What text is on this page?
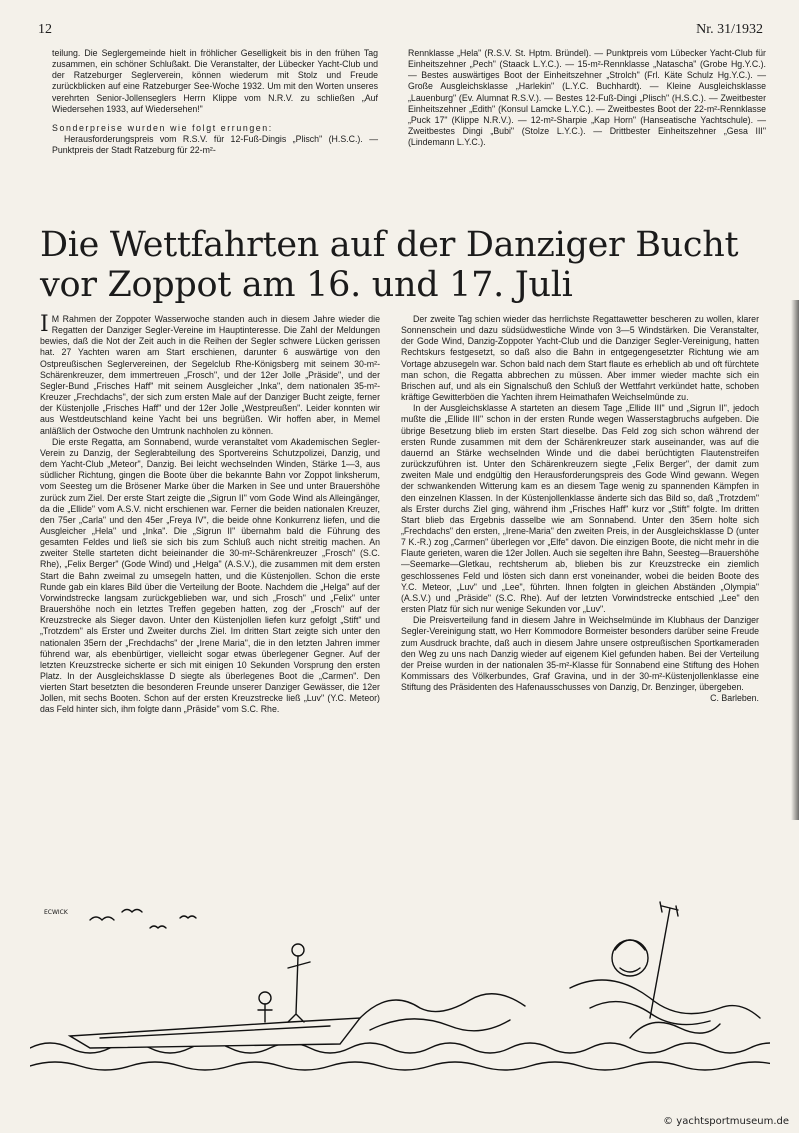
12	Nr. 31/1932

teilung. Die Seglergemeinde hielt in fröhlicher Geselligkeit bis in den frühen Tag zusammen, ein schöner Schlußakt. Die Veranstalter, der Lübecker Yacht-Club und der Ratzeburger Seglerverein, können wiederum mit Stolz und Freude zurückblicken auf eine Ratzeburger See-Woche 1932. Um mit den Worten unseres verehrten Senior-Jollenseglers Herrn Klippe vom N.R.V. zu schließen „Auf Wiedersehen 1933, auf Wiedersehen!"

Sonderpreise wurden wie folgt errungen:

Herausforderungspreis vom R.S.V. für 12-Fuß-Dingis „Plisch" (H.S.C.). — Punktpreis der Stadt Ratzeburg für 22-m²-

Rennklasse „Hela" (R.S.V. St. Hptm. Bründel). — Punktpreis vom Lübecker Yacht-Club für Einheitszehner „Pech" (Staack L.Y.C.). — 15-m²-Rennklasse „Natascha" (Grobe Hg.Y.C.). — Bestes auswärtiges Boot der Einheitszehner „Strolch" (Frl. Käte Schulz Hg.Y.C.). — Große Ausgleichsklasse „Harlekin" (L.Y.C. Buchhardt). — Kleine Ausgleichsklasse „Lauenburg" (Ev. Alumnat R.S.V.). — Bestes 12-Fuß-Dingi „Plisch" (H.S.C.). — Zweitbester Einheitszehner „Edith" (Konsul Lamcke L.Y.C.). — Zweitbestes Boot der 22-m²-Rennklasse „Puck 17" (Klippe N.R.V.). — 12-m²-Sharpie „Kap Horn" (Hanseatische Yachtschule). — Zweitbestes Dingi „Bubi" (Stolze L.Y.C.). — Drittbester Einheitszehner „Gesa III" (Lindemann L.Y.C.).

Die Wettfahrten auf der Danziger Bucht
vor Zoppot am 16. und 17. Juli

I M Rahmen der Zoppoter Wasserwoche standen auch in diesem Jahre wieder die Regatten der Danziger Segler-Vereine im Hauptinteresse. Die Zahl der Meldungen bewies, daß die Not der Zeit auch in die Reihen der Segler schwere Lücken gerissen hat. 27 Yachten waren am Start erschienen, darunter 6 auswärtige von den Ostpreußischen Seglervereinen, der Segelclub Rhe-Königsberg mit seinem 30-m²-Schärenkreuzer, dem immertreuen „Frosch", und der 12er Jolle „Präside", und der Segler-Bund „Frisches Haff" mit seinem Ausgleicher „Inka", dem nationalen 35-m²-Kreuzer „Frechdachs", der sich zum ersten Male auf der Danziger Bucht zeigte, ferner der Küstenjolle „Frisches Haff" und der 12er Jolle „Westpreußen". Leider konnten wir aus Westdeutschland keine Yacht bei uns begrüßen. Wir hoffen aber, in Memel anläßlich der Ostwoche den Umtrunk nachholen zu können.

Die erste Regatta, am Sonnabend, wurde veranstaltet vom Akademischen Segler-Verein zu Danzig, der Seglerabteilung des Sportvereins Schutzpolizei, Danzig, und dem Yacht-Club „Meteor", Danzig. Bei leicht wechselnden Winden, Stärke 1—3, aus südlicher Richtung, gingen die Boote über die bekannte Bahn vor Zoppot linksherum, vom Seesteg um die Brösener Marke über die Marken in See und unter Brauershöhe zurück zum Ziel. Der erste Start zeigte die „Sigrun II" vom Gode Wind als Alleingänger, da die „Ellide" vom A.S.V. nicht erschienen war. Ferner die beiden nationalen Kreuzer, den 75er „Carla" und den 45er „Freya IV", die beide ohne Konkurrenz liefen, und die Ausgleicher „Hela" und „Inka". Die „Sigrun II" übernahm bald die Führung des gesamten Feldes und ließ sie sich bis zum Schluß auch nicht streitig machen. An zweiter Stelle starteten dicht beieinander die 30-m²-Schärenkreuzer „Frosch" (S.C. Rhe), „Felix Berger" (Gode Wind) und „Helga" (A.S.V.), die zusammen mit dem ersten Start die Bahn zweimal zu umsegeln hatten, und die Küstenjollen. Schon die erste Runde gab ein klares Bild über die Verteilung der Boote. Nachdem die „Helga" auf der Vorwindstrecke langsam zurückgeblieben war, und sich „Frosch" und „Felix" unter Brauershöhe noch ein letztes Treffen gegeben hatten, zog der „Frosch" auf der Kreuzstrecke als Sieger davon. Unter den Küstenjollen liefen kurz gefolgt „Stift" und „Trotzdem" als Erster und Zweiter durchs Ziel. Im dritten Start zeigte sich unter den nationalen 35ern der „Frechdachs" der „Irene Maria", die in den letzten Jahren immer führend war, als ebenbürtiger, vielleicht sogar etwas überlegener Gegner. Auf der letzten Kreuzstrecke sicherte er sich mit einigen 10 Sekunden Vorsprung den ersten Platz. In der Ausgleichsklasse D siegte als überlegenes Boot die „Carmen". Den vierten Start besetzten die besonderen Freunde unserer Danziger Gewässer, die 12er Jollen, mit sechs Booten. Schon auf der ersten Kreuzstrecke ließ „Luv" (Y.C. Meteor) das Feld hinter sich, ihm folgte dann „Präside" vom S.C. Rhe.

Der zweite Tag schien wieder das herrlichste Regattawetter bescheren zu wollen, klarer Sonnenschein und dazu südsüdwestliche Winde von 3—5 Windstärken. Die Veranstalter, der Gode Wind, Danzig-Zoppoter Yacht-Club und die Danziger Segler-Vereinigung, hatten Rechtskurs festgesetzt, so daß also die Bahn in entgegengesetzter Richtung wie am Vortage abzusegeln war. Schon bald nach dem Start flaute es erheblich ab und oft fürchtete man schon, die Regatta abbrechen zu müssen. Aber immer wieder machte sich ein Brischen auf, und als ein Signalschuß den Schluß der Wettfahrt verkündet hatte, schoben kräftige Gewitterböen die Yachten ihrem Heimathafen Weichselmünde zu.

In der Ausgleichsklasse A starteten an diesem Tage „Ellide III" und „Sigrun II", jedoch mußte die „Ellide III" schon in der ersten Runde wegen Wasserstagbruchs aufgeben. Die übrige Besetzung blieb im ersten Start dieselbe. Das Feld zog sich schon während der ersten Runde zusammen mit dem der Schärenkreuzer stark auseinander, was auf die dauernd an Stärke wechselnden Winde und die dabei berüchtigten Flautenstreifen zurückzuführen ist. Unter den Schärenkreuzern siegte „Felix Berger", der damit zum zweiten Male und endgültig den Herausforderungspreis des Gode Wind gewann. Wegen der schwankenden Witterung kam es an diesem Tage wenig zu spannenden Kämpfen in den einzelnen Klassen. In der Küstenjollenklasse änderte sich das Bild so, daß „Trotzdem" als Erster durchs Ziel ging, während ihm „Frisches Haff" kurz vor „Stift" folgte. Im dritten Start blieb das Ergebnis dasselbe wie am Sonnabend. Unter den 35ern holte sich „Frechdachs" den ersten, „Irene-Maria" den zweiten Preis, in der Ausgleichsklasse D (unter 7 K.-R.) zog „Carmen" überlegen vor „Elfe" davon. Die einzigen Boote, die nicht mehr in die Flaute gerieten, waren die 12er Jollen. Auch sie segelten ihre Bahn, Seesteg—Brauershöhe—Seemarke—Gletkau, rechtsherum ab, blieben bis zur Kreuzstrecke ein ziemlich geschlossenes Feld und lösten sich dann erst voneinander, wobei die beiden Boote des Y.C. Meteor, „Luv" und „Lee", führten. Ihnen folgten in gleichen Abständen „Olympia" (A.S.V.) und „Präside" (S.C. Rhe). Auf der letzten Vorwindstrecke entschied „Lee" den ersten Platz für sich nur wenige Sekunden vor „Luv".

Die Preisverteilung fand in diesem Jahre in Weichselmünde im Klubhaus der Danziger Segler-Vereinigung statt, wo Herr Kommodore Bormeister besonders darüber seine Freude zum Ausdruck brachte, daß auch in diesem Jahre unsere ostpreußischen Sportkameraden den Weg zu uns nach Danzig wieder auf eigenem Kiel gefunden haben. Bei der Verteilung der Preise wurden in der nationalen 35-m²-Klasse für Sonnabend eine Stiftung des Hohen Kommissars des Völkerbundes, Graf Gravina, und in der 30-m²-Küstenjollenklasse eine Stiftung des Präsidenten des Hafenausschusses von Danzig, Dr. Benzinger, übergeben.

C. Barleben.

ECWICK
© yachtsportmuseum.de
